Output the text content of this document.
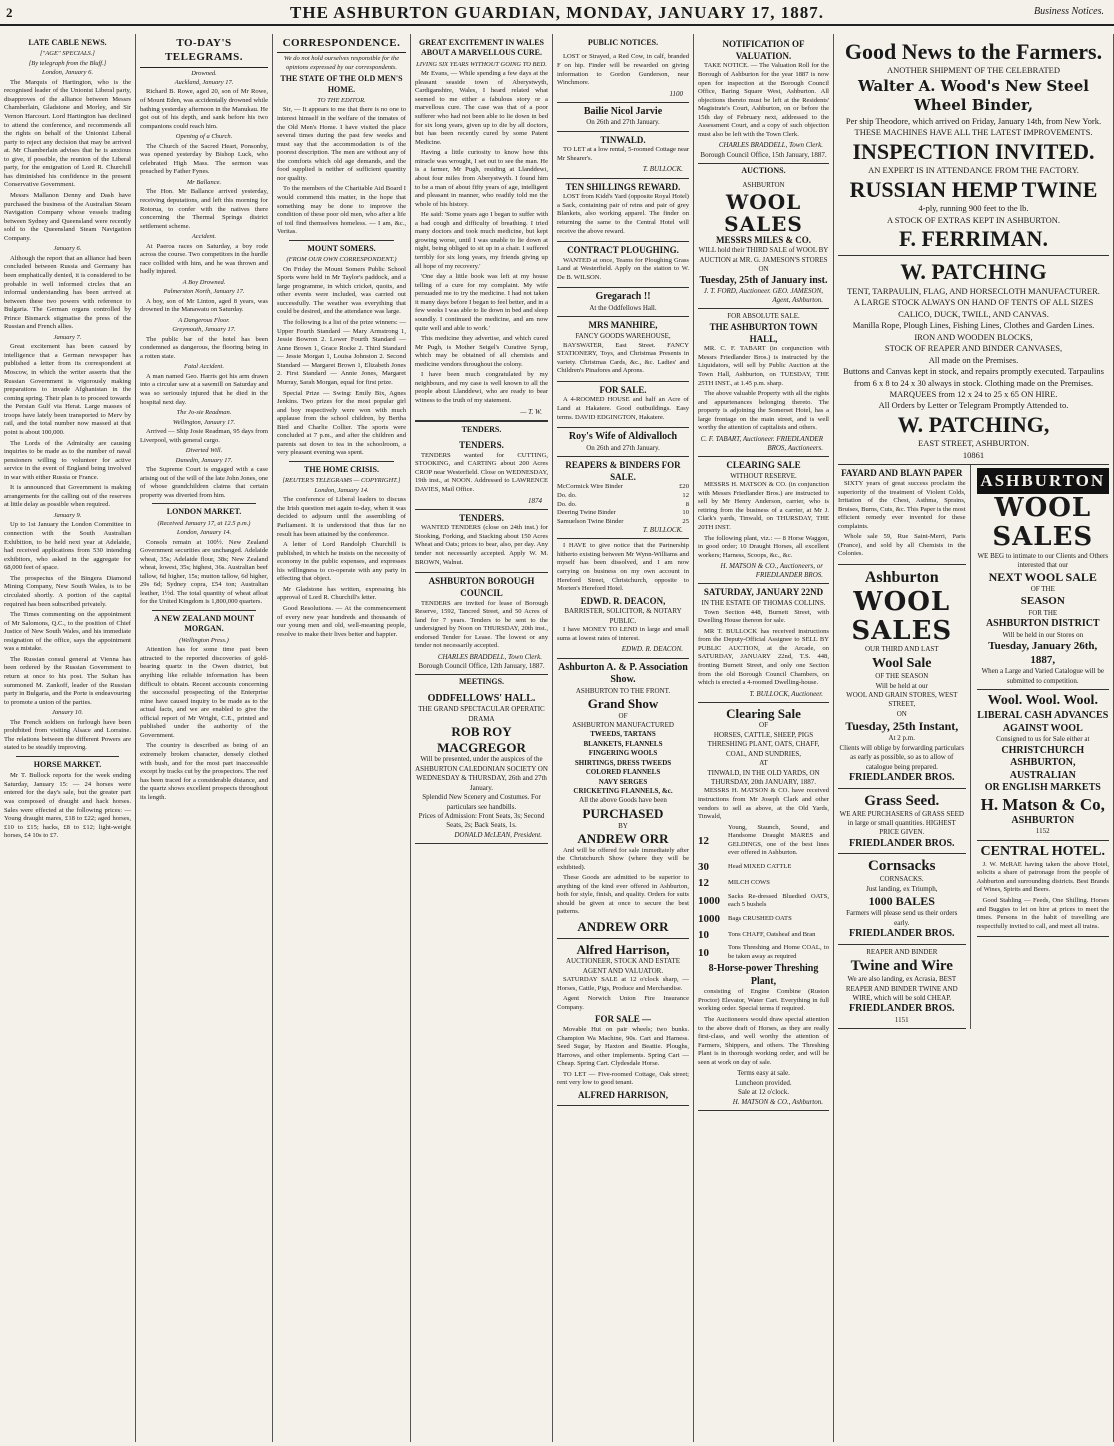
2	THE ASHBURTON GUARDIAN, MONDAY, JANUARY 17, 1887.	Business Notices.
LATE CABLE NEWS.
["AGE" SPECIALS.]
[By telegraph from the Bluff.]
London, January 6.

The Marquis of Hartington, who is the recognised leader of the Unionist Liberal party, disapproves of the alliance between Messrs Chamberlain, Gladstone and Morley, and Sir Vernon Harcourt. Lord Hartington has declined to attend the conference, and recommends all the rights on behalf of the Unionist Liberal party to reject any decision that may be arrived at. Mr Chamberlain advises that he is anxious to give, if possible, the reunion of the Liberal party, for the emigration of Lord R. Churchill has diminished his confidence in the present Conservative Government.

Messrs Mallanon Denny and Dash have purchased the business of the Australian Steam Navigation Company whose vessels trading between Sydney and Queensland were recently sold to the Queensland Steam Navigation Company.

January 6.

Although the report that an alliance had been concluded between Russia and Germany has been emphatically denied, it is considered to be probable in well informed circles that an informal understanding has been arrived at between these two powers with reference to Bulgaria. The German organs controlled by Prince Bismarck stigmatise the press of the Russian and French allies.

January 7.

Great excitement has been caused by intelligence that a German newspaper has published a letter from its correspondent at Moscow, in which the writer asserts that the Russian Government is vigorously making preparations to invade Afghanistan in the coming spring. Their plan is to proceed towards the Persian Gulf via Herat. Large masses of troops have lately been transported to Merv by rail, and the total number now massed at that point is about 100,000.

The Lords of the Admiralty are causing inquiries to be made as to the number of naval pensioners willing to volunteer for active service in the event of England being involved in war with either Russia or France.

It is announced that Government is making arrangements for the calling out of the reserves at little delay as possible when required.

January 9.

Up to 1st January the London Committee in connection with the South Australian Exhibition, to be held next year at Adelaide, had received applications from 530 intending exhibitors, who asked in the aggregate for 68,000 feet of space.

The prospectus of the Bingera Diamond Mining Company, New South Wales, is to be circulated shortly. A portion of the capital required has been subscribed privately.

The Times commenting on the appointment of Mr Salomons, Q.C., to the position of Chief Justice of New South Wales, and his immediate resignation of the office, says the appointment was a mistake.

The Russian consul general at Vienna has been ordered by the Russian Government to return at once to his post. The Sultan has summoned M. Zankoff, leader of the Russian party in Bulgaria, and the Porte is endeavouring to promote a union of the parties.

January 10.

The French soldiers on furlough have been prohibited from visiting Alsace and Lorraine. The relations between the different Powers are stated to be steadily improving.

HORSE MARKET.

Mr T. Bullock reports for the week ending Saturday, January 15: — 24 horses were entered for the day's sale, but the greater part was composed of draught and hack horses. Sales were effected at the following prices: — Young draught mares, £18 to £22; aged horses, £10 to £15; hacks, £8 to £12; light-weight horses, £4 10s to £7.

TO-DAY'S TELEGRAMS.
Drowned.
Auckland, January 17.

Richard B. Rowe, aged 20, son of Mr Rowe, of Mount Eden, was accidentally drowned while bathing yesterday afternoon in the Manukau. He got out of his depth, and sank before his two companions could reach him.

Opening of a Church.

The Church of the Sacred Heart, Ponsonby, was opened yesterday by Bishop Luck, who celebrated High Mass. The sermon was preached by Father Fynes.

Mr Ballance.

The Hon. Mr Ballance arrived yesterday, receiving deputations, and left this morning for Rotorua, to confer with the natives there concerning the Thermal Springs district settlement scheme.

Accident.

At Paeroa races on Saturday, a boy rode across the course. Two competitors in the hurdle race collided with him, and he was thrown and badly injured.

A Boy Drowned.
Palmerston North, January 17.

A boy, son of Mr Linton, aged 8 years, was drowned in the Manawatu on Saturday.

A Dangerous Floor.
Greymouth, January 17.

The public bar of the hotel has been condemned as dangerous, the flooring being in a rotten state.

Fatal Accident.

A man named Geo. Harris got his arm drawn into a circular saw at a sawmill on Saturday and was so seriously injured that he died in the hospital next day.

The Jo-sie Readman.
Wellington, January 17.

Arrived — Ship Josie Readman, 95 days from Liverpool, with general cargo.

Diverted Will.
Dunedin, January 17.

The Supreme Court is engaged with a case arising out of the will of the late John Jones, one of whose grandchildren claims that certain property was diverted from him.

LONDON MARKET.
(Received January 17, at 12.5 p.m.)
London, January 14.

Consols remain at 100½. New Zealand Government securities are unchanged. Adelaide wheat, 35s; Adelaide flour, 38s; New Zealand wheat, lowest, 35s; highest, 36s. Australian beef tallow, 6d higher, 15s; mutton tallow, 6d higher, 29s 6d; Sydney copra, £54 ton; Australian leather, 1½d. The total quantity of wheat afloat for the United Kingdom is 1,800,000 quarters.

A NEW ZEALAND MOUNT MORGAN.
(Wellington Press.)

Attention has for some time past been attracted to the reported discoveries of gold-bearing quartz in the Owen district, but anything like reliable information has been difficult to obtain. Recent accounts concerning the successful prospecting of the Enterprise mine have caused inquiry to be made as to the actual facts, and we are enabled to give the official report of Mr Wright, C.E., printed and published under the authority of the Government.

The country is described as being of an extremely broken character, densely clothed with bush, and for the most part inaccessible except by tracks cut by the prospectors. The reef has been traced for a considerable distance, and the quartz shows excellent prospects throughout its length.

CORRESPONDENCE.
We do not hold ourselves responsible for the opinions expressed by our correspondents.
THE STATE OF THE OLD MEN'S HOME.
TO THE EDITOR.

Sir, — It appears to me that there is no one to interest himself in the welfare of the inmates of the Old Men's Home. I have visited the place several times during the past few weeks and must say that the accommodation is of the poorest description. The men are without any of the comforts which old age demands, and the food supplied is neither of sufficient quantity nor quality.

To the members of the Charitable Aid Board I would commend this matter, in the hope that something may be done to improve the condition of these poor old men, who after a life of toil find themselves homeless. — I am, &c., Veritas.

MOUNT SOMERS.
(FROM OUR OWN CORRESPONDENT.)

On Friday the Mount Somers Public School Sports were held in Mr Taylor's paddock, and a large programme, in which cricket, quoits, and other events were included, was carried out successfully. The weather was everything that could be desired, and the attendance was large.

The following is a list of the prize winners: — Upper Fourth Standard — Mary Armstrong 1, Jessie Bowron 2. Lower Fourth Standard — Anne Brown 1, Grace Rocke 2. Third Standard — Jessie Morgan 1, Louisa Johnston 2. Second Standard — Margaret Brown 1, Elizabeth Jones 2. First Standard — Annie Jones, Margaret Murray, Sarah Morgan, equal for first prize.

Special Prize — Swing: Emily Bix, Agnes Jenkins. Two prizes for the most popular girl and boy respectively were won with much applause from the school children, by Bertha Bird and Charlie Collier. The sports were concluded at 7 p.m., and after the children and parents sat down to tea in the schoolroom, a very pleasant evening was spent.

THE HOME CRISIS.
[REUTER'S TELEGRAMS — COPYRIGHT.]
London, January 14.

The conference of Liberal leaders to discuss the Irish question met again to-day, when it was decided to adjourn until the assembling of Parliament. It is understood that thus far no result has been attained by the conference.

A letter of Lord Randolph Churchill is published, in which he insists on the necessity of economy in the public expenses, and expresses his willingness to co-operate with any party in effecting that object.

Mr Gladstone has written, expressing his approval of Lord R. Churchill's letter.

Good Resolutions. — At the commencement of every new year hundreds and thousands of our young men and old, well-meaning people, resolve to make their lives better and happier.

GREAT EXCITEMENT IN WALES ABOUT A MARVELLOUS CURE.
LIVING SIX YEARS WITHOUT GOING TO BED.

Mr Evans, — While spending a few days at the pleasant seaside town of Aberystwyth, Cardiganshire, Wales, I heard related what seemed to me either a fabulous story or a marvellous cure. The case was that of a poor sufferer who had not been able to lie down in bed for six long years, given up to die by all doctors, but has been recently cured by some Patent Medicine.

Having a little curiosity to know how this miracle was wrought, I set out to see the man. He is a farmer, Mr Pugh, residing at Llanddewi, about four miles from Aberystwyth. I found him to be a man of about fifty years of age, intelligent and pleasant in manner, who readily told me the whole of his history.

He said: 'Some years ago I began to suffer with a bad cough and difficulty of breathing. I tried many doctors and took much medicine, but kept growing worse, until I was unable to lie down at night, being obliged to sit up in a chair. I suffered terribly for six long years, my friends giving up all hope of my recovery.'

'One day a little book was left at my house telling of a cure for my complaint. My wife persuaded me to try the medicine. I had not taken it many days before I began to feel better, and in a few weeks I was able to lie down in bed and sleep soundly. I continued the medicine, and am now quite well and able to work.'

This medicine they advertise, and which cured Mr Pugh, is Mother Seigel's Curative Syrup, which may be obtained of all chemists and medicine vendors throughout the colony.

I have been much congratulated by my neighbours, and my case is well known to all the people about Llanddewi, who are ready to bear witness to the truth of my statement.

— T. W.
TENDERS.
TENDERS.

TENDERS wanted for CUTTING, STOOKING, and CARTING about 200 Acres CROP near Westerfield. Close on WEDNESDAY, 19th inst., at NOON. Addressed to LAWRENCE DAVIES, Mail Office.

1874
TENDERS.

WANTED TENDERS (close on 24th inst.) for Stooking, Forking, and Stacking about 150 Acres Wheat and Oats; prices to bear, also, per day. Any tender not necessarily accepted. Apply W. M. BROWN, Walnut.

ASHBURTON BOROUGH COUNCIL

TENDERS are invited for lease of Borough Reserve, 1592, Tancred Street, and 50 Acres of land for 7 years. Tenders to be sent to the undersigned by Noon on THURSDAY, 20th inst., endorsed Tender for Lease. The lowest or any tender not necessarily accepted.

CHARLES BRADDELL, Town Clerk.
Borough Council Office, 12th January, 1887.
MEETINGS.
ODDFELLOWS' HALL.
THE GRAND SPECTACULAR OPERATIC DRAMA
ROB ROY MACGREGOR
Will be presented, under the auspices of the ASHBURTON CALEDONIAN SOCIETY ON WEDNESDAY & THURSDAY, 26th and 27th January.
Splendid New Scenery and Costumes. For particulars see handbills.
Prices of Admission: Front Seats, 3s; Second Seats, 2s; Back Seats, 1s.
DONALD McLEAN, President.
PUBLIC NOTICES.

LOST or Strayed, a Red Cow, in calf, branded F on hip. Finder will be rewarded on giving information to Gordon Gunderson, near Winchmore.

1100
Bailie Nicol Jarvie
On 26th and 27th January.
TINWALD.

TO LET at a low rental, 5-roomed Cottage near Mr Shearer's.

T. BULLOCK.
TEN SHILLINGS REWARD.

LOST from Kidd's Yard (opposite Royal Hotel) a Sack, containing pair of reins and pair of grey Blankets, also working apparel. The finder on returning the same to the Central Hotel will receive the above reward.

CONTRACT PLOUGHING.

WANTED at once, Teams for Ploughing Grass Land at Westerfield. Apply on the station to W. De B. WILSON.

Gregarach !!
At the Oddfellows Hall.
MRS MANHIRE,
FANCY GOODS WAREHOUSE,

BAYSWATER, East Street. FANCY STATIONERY, Toys, and Christmas Presents in variety. Christmas Cards, &c., &c. Ladies' and Children's Pinafores and Aprons.

FOR SALE.

A 4-ROOMED HOUSE and half an Acre of Land at Hakatere. Good outbuildings. Easy terms. DAVID EDGINGTON, Hakatere.

Roy's Wife of Aldivalloch
On 26th and 27th January.
REAPERS & BINDERS FOR SALE.
McCormick Wire Binder	£20
Do. do.	12
Do. do.	8
Deering Twine Binder	10
Samuelson Twine Binder	25
T. BULLOCK.

I HAVE to give notice that the Partnership hitherto existing between Mr Wynn-Williams and myself has been dissolved, and I am now carrying on business on my own account in Hereford Street, Christchurch, opposite to Morten's Hereford Hotel.

EDWD. R. DEACON,
BARRISTER, SOLICITOR, & NOTARY PUBLIC.

I have MONEY TO LEND in large and small sums at lowest rates of interest.

EDWD. R. DEACON.
Ashburton A. & P. Association Show.
ASHBURTON TO THE FRONT.
Grand Show
OF
ASHBURTON MANUFACTURED
TWEEDS, TARTANS
BLANKETS, FLANNELS
FINGERING WOOLS
SHIRTINGS, DRESS TWEEDS
COLORED FLANNELS
NAVY SERGES
CRICKETING FLANNELS, &c.
All the above Goods have been
PURCHASED
BY
ANDREW ORR

And will be offered for sale immediately after the Christchurch Show (where they will be exhibited).

These Goods are admitted to be superior to anything of the kind ever offered in Ashburton, both for style, finish, and quality. Orders for suits should be given at once to secure the best patterns.

ANDREW ORR
Alfred Harrison,
AUCTIONEER, STOCK AND ESTATE AGENT AND VALUATOR.

SATURDAY SALE at 12 o'clock sharp, — Horses, Cattle, Pigs, Produce and Merchandise.

Agent Norwich Union Fire Insurance Company.

FOR SALE —

Movable Hut on pair wheels; two bunks. Champion Wa Machine, 90s. Cart and Harness. Seed Sugar, by Haxton and Beattie. Ploughs, Harrows, and other implements. Spring Cart — Cheap. Spring Cart. Clydesdale Horse.

TO LET — Five-roomed Cottage, Oak street; rent very low to good tenant.

ALFRED HARRISON,
NOTIFICATION OF VALUATION.

TAKE NOTICE. — The Valuation Roll for the Borough of Ashburton for the year 1887 is now open for inspection at the Borough Council Office, Baring Square West, Ashburton. All objections thereto must be left at the Residents' Magistrate's Court, Ashburton, on or before the 15th day of February next, addressed to the Assessment Court, and a copy of such objection must also be left with the Town Clerk.

CHARLES BRADDELL, Town Clerk.
Borough Council Office, 15th January, 1887.
AUCTIONS.
ASHBURTON
WOOL SALES
MESSRS MILES & CO.
WILL hold their THIRD SALE of WOOL BY AUCTION at MR. G. JAMESON'S STORES ON
Tuesday, 25th of January inst.
J. T. FORD, Auctioneer. GEO. JAMESON, Agent, Ashburton.
FOR ABSOLUTE SALE.
THE ASHBURTON TOWN HALL,

MR. C. F. TABART (in conjunction with Messrs Friedlander Bros.) is instructed by the Liquidators, will sell by Public Auction at the Town Hall, Ashburton, on TUESDAY, THE 25TH INST., at 1.45 p.m. sharp.

The above valuable Property with all the rights and appurtenances belonging thereto. The property is adjoining the Somerset Hotel, has a large frontage on the main street, and is well worthy the attention of capitalists and others.

C. F. TABART, Auctioneer. FRIEDLANDER BROS, Auctioneers.
CLEARING SALE
WITHOUT RESERVE.

MESSRS H. MATSON & CO. (in conjunction with Messrs Friedlander Bros.) are instructed to sell by Mr Henry Anderson, carrier, who is retiring from the business of a carrier, at Mr J. Clark's yards, Tinwald, on THURSDAY, THE 20TH INST.

The following plant, viz.: — 8 Horse Waggon, in good order; 10 Draught Horses, all excellent workers; Harness, Scoops, &c., &c.

H. MATSON & CO., Auctioneers, or FRIEDLANDER BROS.
SATURDAY, JANUARY 22ND
IN THE ESTATE OF THOMAS COLLINS.

Town Section 448, Burnett Street, with Dwelling House thereon for sale.

MR T. BULLOCK has received instructions from the Deputy-Official Assignee to SELL BY PUBLIC AUCTION, at the Arcade, on SATURDAY, JANUARY 22nd, T.S. 448, fronting Burnett Street, and only one Section from the old Borough Council Chambers, on which is erected a 4-roomed Dwelling-house.

T. BULLOCK, Auctioneer.
Clearing Sale
OF
HORSES, CATTLE, SHEEP, PIGS THRESHING PLANT, OATS, CHAFF, COAL, AND SUNDRIES,
AT
TINWALD, IN THE OLD YARDS, ON THURSDAY, 20th JANUARY, 1887.

MESSRS H. MATSON & CO. have received instructions from Mr Joseph Clark and other vendors to sell as above, at the Old Yards, Tinwald,

12
Young, Staunch, Sound, and Handsome Draught MARES and GELDINGS, one of the best lines ever offered in Ashburton.
30	Head MIXED CATTLE
12	MILCH COWS
1000	Sacks Re-dressed Bluedied OATS, each 5 bushels
1000	Bags CRUSHED OATS
10	Tons CHAFF, Oatsheaf and Bran
10	Tons Threshing and Home COAL, to be taken away as required
8-Horse-power Threshing Plant,

consisting of Engine Combine (Ruston Proctor) Elevator, Water Cart. Everything in full working order. Special terms if required.

The Auctioneers would draw special attention to the above draft of Horses, as they are really first-class, and well worthy the attention of Farmers, Shippers, and others. The Threshing Plant is in thorough working order, and will be seen at work on day of sale.

Terms easy at sale.
Luncheon provided.
Sale at 12 o'clock.
H. MATSON & CO., Ashburton.
Good News to the Farmers.
ANOTHER SHIPMENT OF THE CELEBRATED
Walter A. Wood's New Steel Wheel Binder,
Per ship Theodore, which arrived on Friday, January 14th, from New York.
THESE MACHINES HAVE ALL THE LATEST IMPROVEMENTS.
INSPECTION INVITED.
AN EXPERT IS IN ATTENDANCE FROM THE FACTORY.
RUSSIAN HEMP TWINE
4-ply, running 900 feet to the lb.
A STOCK OF EXTRAS KEPT IN ASHBURTON.
F. FERRIMAN.
W. PATCHING
TENT, TARPAULIN, FLAG, AND HORSECLOTH MANUFACTURER.
A LARGE STOCK ALWAYS ON HAND OF TENTS OF ALL SIZES CALICO, DUCK, TWILL, AND CANVAS.
Manilla Rope, Plough Lines, Fishing Lines, Clothes and Garden Lines.
IRON AND WOODEN BLOCKS,
STOCK OF REAPER AND BINDER CANVASES,
All made on the Premises.
Buttons and Canvas kept in stock, and repairs promptly executed. Tarpaulins from 6 x 8 to 24 x 30 always in stock. Clothing made on the Premises.
MARQUEES from 12 x 24 to 25 x 65 ON HIRE.
All Orders by Letter or Telegram Promptly Attended to.
W. PATCHING,
EAST STREET, ASHBURTON.
10861
FAYARD AND BLAYN PAPER

SIXTY years of great success proclaim the superiority of the treatment of Violent Colds, Irritation of the Chest, Asthma, Sprains, Bruises, Burns, Cuts, &c. This Paper is the most efficient remedy ever invented for these complaints.

Whole sale 59, Rue Saint-Merri, Paris (France), and sold by all Chemists in the Colonies.

Ashburton
WOOL SALES
OUR THIRD AND LAST
Wool Sale
OF THE SEASON
Will be held at our
WOOL AND GRAIN STORES, WEST STREET,
ON
Tuesday, 25th Instant,
At 2 p.m.
Clients will oblige by forwarding particulars as early as possible, so as to allow of catalogue being prepared.
FRIEDLANDER BROS.
Grass Seed.
WE ARE PURCHASERS of GRASS SEED in large or small quantities. HIGHEST PRICE GIVEN.
FRIEDLANDER BROS.
Cornsacks
CORNSACKS.
Just landing, ex Triumph,
1000 BALES
Farmers will please send us their orders early.
FRIEDLANDER BROS.
REAPER AND BINDER
Twine and Wire
We are also landing, ex Acrasia, BEST REAPER AND BINDER TWINE AND WIRE, which will be sold CHEAP.
FRIEDLANDER BROS.
1151
ASHBURTON
WOOL SALES
WE BEG to intimate to our Clients and Others interested that our
NEXT WOOL SALE
OF THE
SEASON
FOR THE
ASHBURTON DISTRICT
Will be held in our Stores on
Tuesday, January 26th, 1887,
When a Large and Varied Catalogue will be submitted to competition.
Wool. Wool. Wool.
LIBERAL CASH ADVANCES
AGAINST WOOL
Consigned to us for Sale either at
CHRISTCHURCH
ASHBURTON,
AUSTRALIAN
OR ENGLISH MARKETS
H. Matson & Co,
ASHBURTON
1152
CENTRAL HOTEL.

J. W. McRAE having taken the above Hotel, solicits a share of patronage from the people of Ashburton and surrounding districts. Best Brands of Wines, Spirits and Beers.

Good Stabling — Feeds, One Shilling. Horses and Buggies to let on hire at prices to meet the times. Persons in the habit of travelling are respectfully invited to call, and meet all trains.
